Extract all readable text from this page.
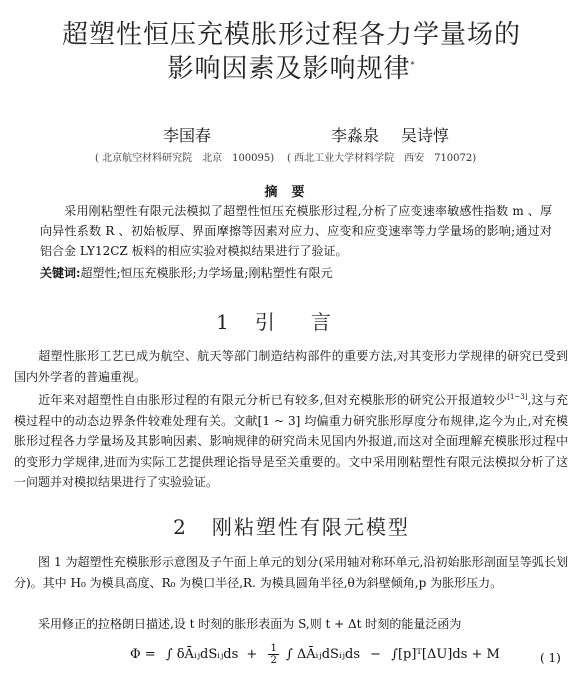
超塑性恒压充模胀形过程各力学量场的
影响因素及影响规律*
李国春	李淼泉 吴诗惇
( 北京航空材料研究院　北京　100095) ( 西北工业大学材料学院　西安　710072)
摘要
采用刚粘塑性有限元法模拟了超塑性恒压充模胀形过程,分析了应变速率敏感性指数 m 、厚向异性系数 R 、初始板厚、界面摩擦等因素对应力、应变和应变速率等力学量场的影响;通过对铝合金 LY12CZ 板料的相应实验对模拟结果进行了验证。
关键词:超塑性;恒压充模胀形;力学场量;刚粘塑性有限元
1 引言
超塑性胀形工艺已成为航空、航天等部门制造结构部件的重要方法,对其变形力学规律的研究已受到国内外学者的普遍重视。
近年来对超塑性自由胀形过程的有限元分析已有较多,但对充模胀形的研究公开报道较少[1~3],这与充模过程中的动态边界条件较难处理有关。文献[1 ~ 3] 均偏重力研究胀形厚度分布规律,迄今为止,对充模胀形过程各力学量场及其影响因素、影响规律的研究尚未见国内外报道,而这对全面理解充模胀形过程中的变形力学规律,进而为实际工艺提供理论指导是至关重要的。文中采用刚粘塑性有限元法模拟分析了这一问题并对模拟结果进行了实验验证。
2 刚粘塑性有限元模型
图 1 为超塑性充模胀形示意图及子午面上单元的划分(采用轴对称环单元,沿初始胀形剖面呈等弧长划分)。其中 H₀ 为模具高度、R₀ 为模口半径,R. 为模具圆角半径,θ为斜壁倾角,p 为胀形压力。
采用修正的拉格朗日描述,设 t 时刻的胀形表面为 S,则 t + Δt 时刻的能量泛函为
Φ = ∫ δĀᵢⱼdSᵢⱼds + $\frac{1}{2}$ ∫ ΔĀᵢⱼdSᵢⱼds − ∫[p]ᵀ[ΔU]ds + M	( 1)
